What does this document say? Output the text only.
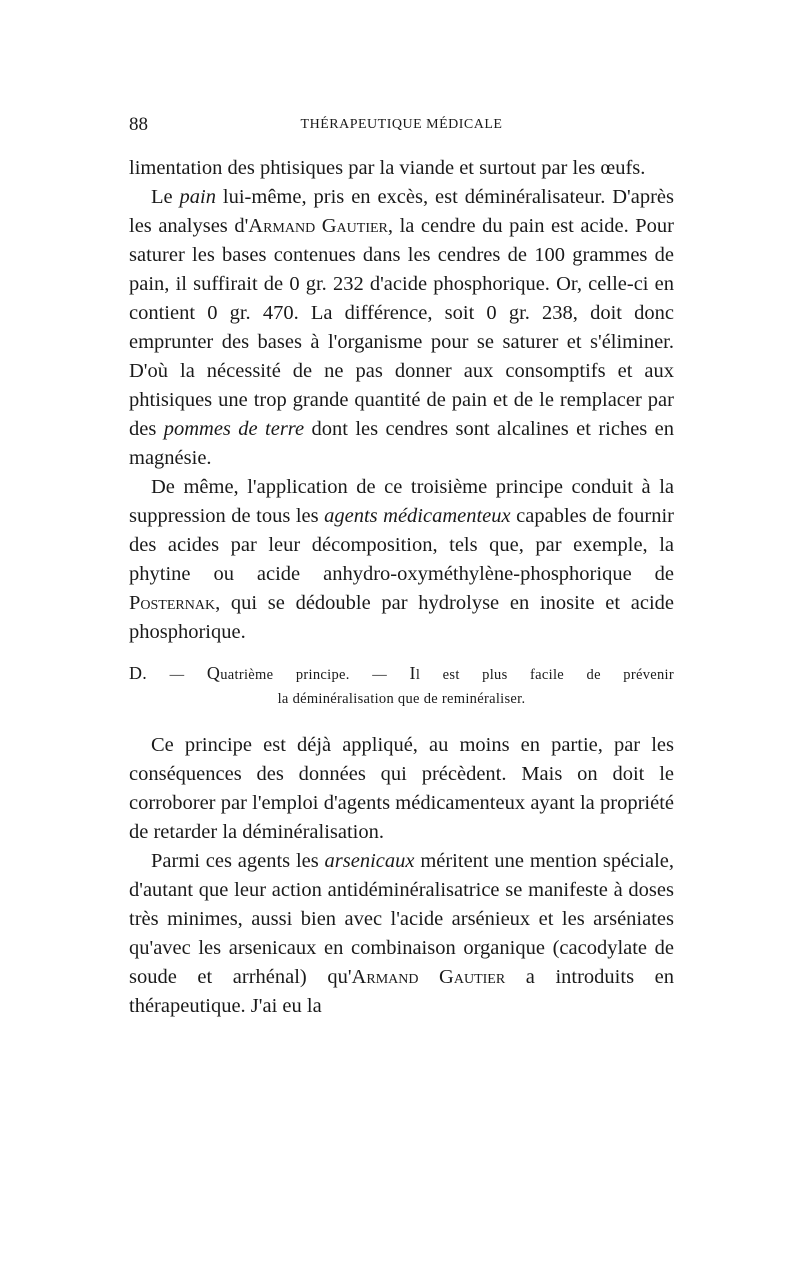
88	THÉRAPEUTIQUE MÉDICALE

limentation des phtisiques par la viande et surtout par les œufs.

Le pain lui-même, pris en excès, est déminéralisateur. D'après les analyses d'Armand Gautier, la cendre du pain est acide. Pour saturer les bases contenues dans les cendres de 100 grammes de pain, il suffirait de 0 gr. 232 d'acide phosphorique. Or, celle-ci en contient 0 gr. 470. La différence, soit 0 gr. 238, doit donc emprunter des bases à l'organisme pour se saturer et s'éliminer. D'où la nécessité de ne pas donner aux consomptifs et aux phtisiques une trop grande quantité de pain et de le remplacer par des pommes de terre dont les cendres sont alcalines et riches en magnésie.

De même, l'application de ce troisième principe conduit à la suppression de tous les agents médicamenteux capables de fournir des acides par leur décomposition, tels que, par exemple, la phytine ou acide anhydro-oxyméthylène-phosphorique de Posternak, qui se dédouble par hydrolyse en inosite et acide phosphorique.

D. — Quatrième principe. — Il est plus facile de prévenir
la déminéralisation que de reminéraliser.

Ce principe est déjà appliqué, au moins en partie, par les conséquences des données qui précèdent. Mais on doit le corroborer par l'emploi d'agents médicamenteux ayant la propriété de retarder la déminéralisation.

Parmi ces agents les arsenicaux méritent une mention spéciale, d'autant que leur action antidéminéralisatrice se manifeste à doses très minimes, aussi bien avec l'acide arsénieux et les arséniates qu'avec les arsenicaux en combinaison organique (cacodylate de soude et arrhénal) qu'Armand Gautier a introduits en thérapeutique. J'ai eu la
